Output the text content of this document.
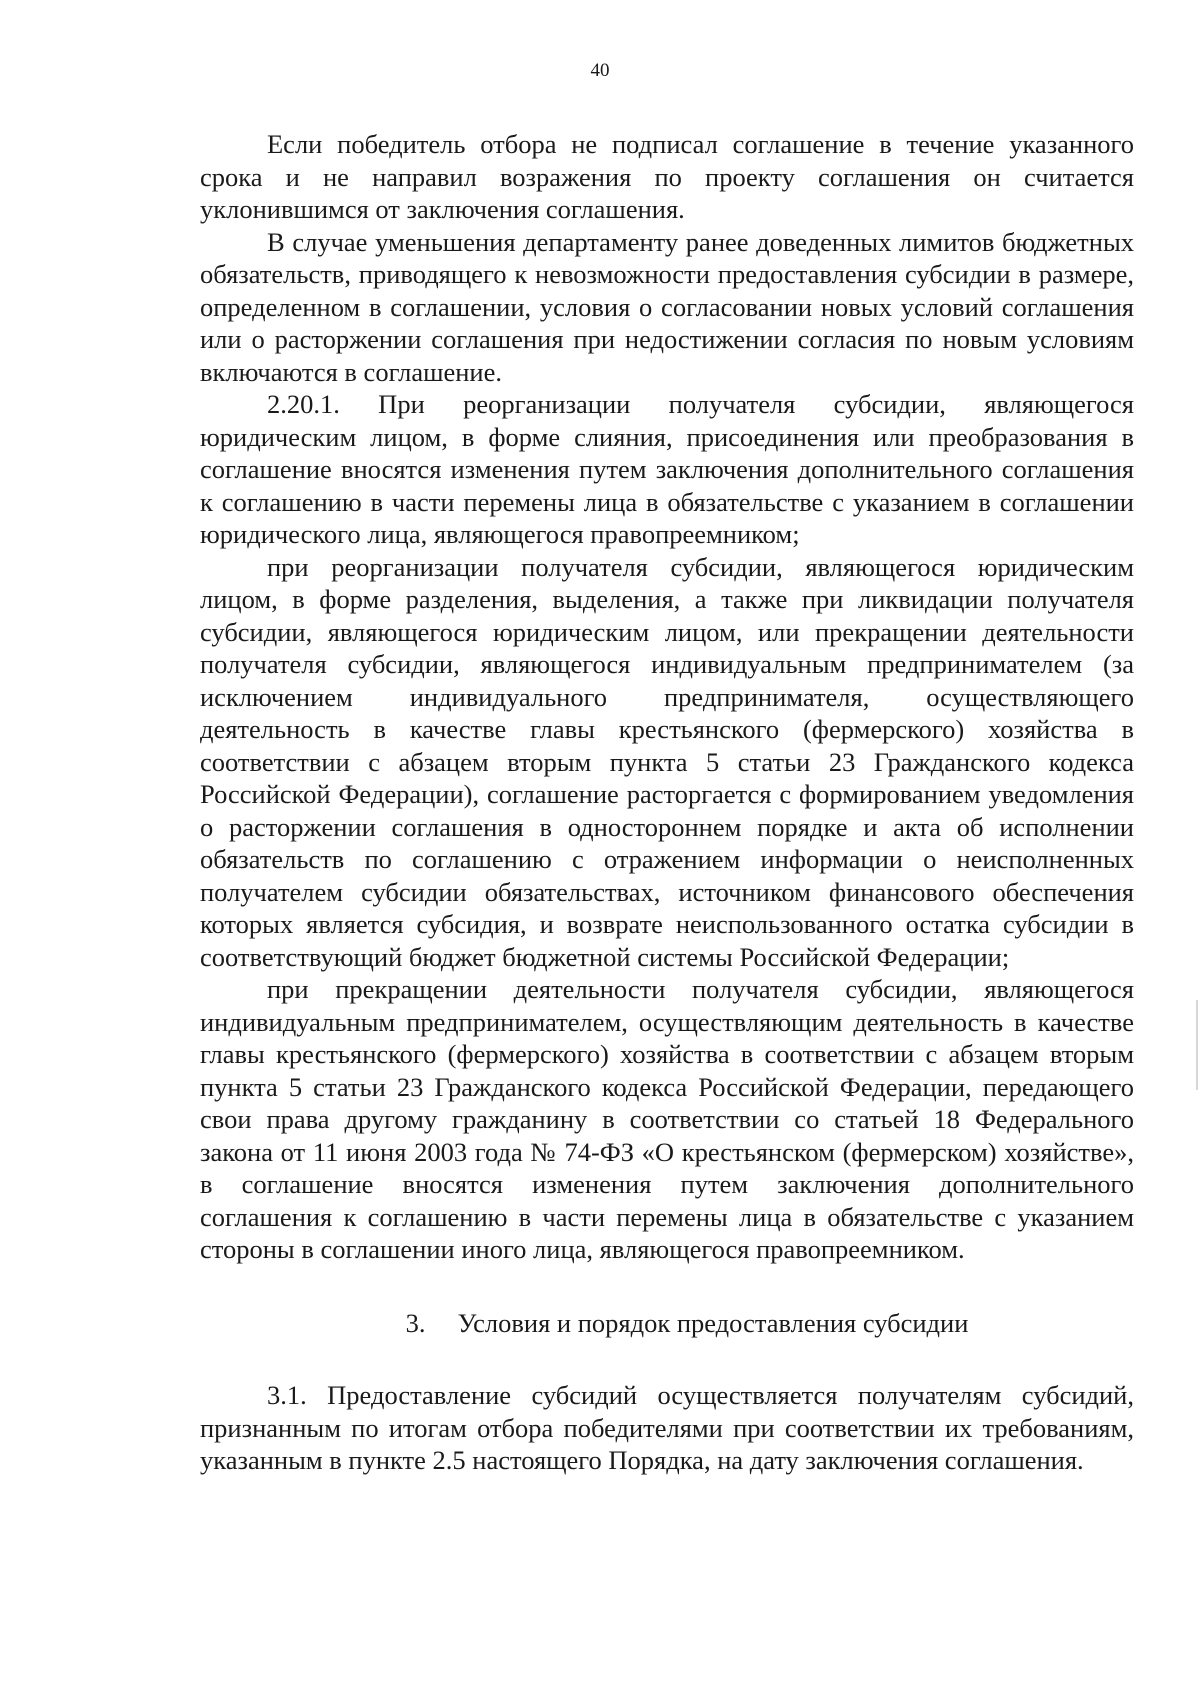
40

Если победитель отбора не подписал соглашение в течение указанного срока и не направил возражения по проекту соглашения он считается уклонившимся от заключения соглашения.

В случае уменьшения департаменту ранее доведенных лимитов бюджетных обязательств, приводящего к невозможности предоставления субсидии в размере, определенном в соглашении, условия о согласовании новых условий соглашения или о расторжении соглашения при недостижении согласия по новым условиям включаются в соглашение.

2.20.1. При реорганизации получателя субсидии, являющегося юридическим лицом, в форме слияния, присоединения или преобразования в соглашение вносятся изменения путем заключения дополнительного соглашения к соглашению в части перемены лица в обязательстве с указанием в соглашении юридического лица, являющегося правопреемником;

при реорганизации получателя субсидии, являющегося юридическим лицом, в форме разделения, выделения, а также при ликвидации получателя субсидии, являющегося юридическим лицом, или прекращении деятельности получателя субсидии, являющегося индивидуальным предпринимателем (за исключением индивидуального предпринимателя, осуществляющего деятельность в качестве главы крестьянского (фермерского) хозяйства в соответствии с абзацем вторым пункта 5 статьи 23 Гражданского кодекса Российской Федерации), соглашение расторгается с формированием уведомления о расторжении соглашения в одностороннем порядке и акта об исполнении обязательств по соглашению с отражением информации о неисполненных получателем субсидии обязательствах, источником финансового обеспечения которых является субсидия, и возврате неиспользованного остатка субсидии в соответствующий бюджет бюджетной системы Российской Федерации;

при прекращении деятельности получателя субсидии, являющегося индивидуальным предпринимателем, осуществляющим деятельность в качестве главы крестьянского (фермерского) хозяйства в соответствии с абзацем вторым пункта 5 статьи 23 Гражданского кодекса Российской Федерации, передающего свои права другому гражданину в соответствии со статьей 18 Федерального закона от 11 июня 2003 года № 74-ФЗ «О крестьянском (фермерском) хозяйстве», в соглашение вносятся изменения путем заключения дополнительного соглашения к соглашению в части перемены лица в обязательстве с указанием стороны в соглашении иного лица, являющегося правопреемником.

3. Условия и порядок предоставления субсидии

3.1. Предоставление субсидий осуществляется получателям субсидий, признанным по итогам отбора победителями при соответствии их требованиям, указанным в пункте 2.5 настоящего Порядка, на дату заключения соглашения.
